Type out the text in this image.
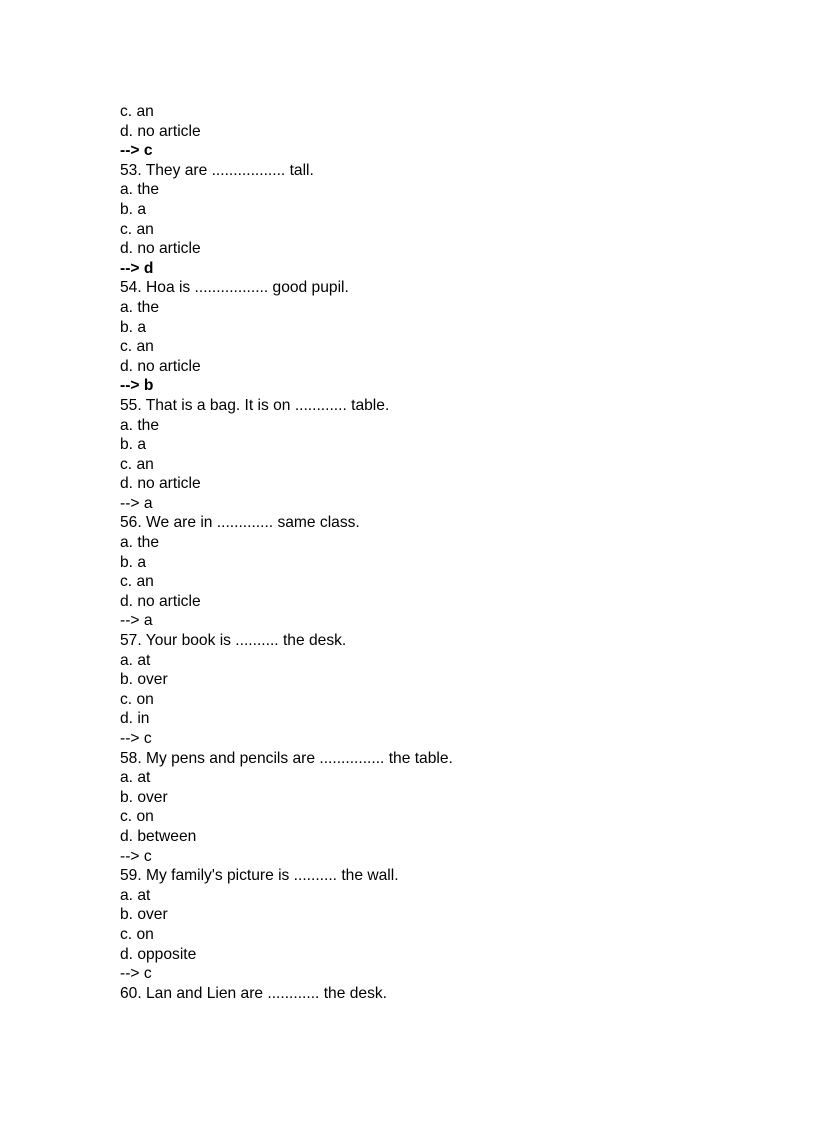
c. an
d. no article
--> c
53. They are ................. tall.
a. the
b. a
c. an
d. no article
--> d
54. Hoa is ................. good pupil.
a. the
b. a
c. an
d. no article
--> b
55. That is a bag. It is on ............ table.
a. the
b. a
c. an
d. no article
--> a
56. We are in ............. same class.
a. the
b. a
c. an
d. no article
--> a
57. Your book is .......... the desk.
a. at
b. over
c. on
d. in
--> c
58. My pens and pencils are ............... the table.
a. at
b. over
c. on
d. between
--> c
59. My family's picture is .......... the wall.
a. at
b. over
c. on
d. opposite
--> c
60. Lan and Lien are ............ the desk.
